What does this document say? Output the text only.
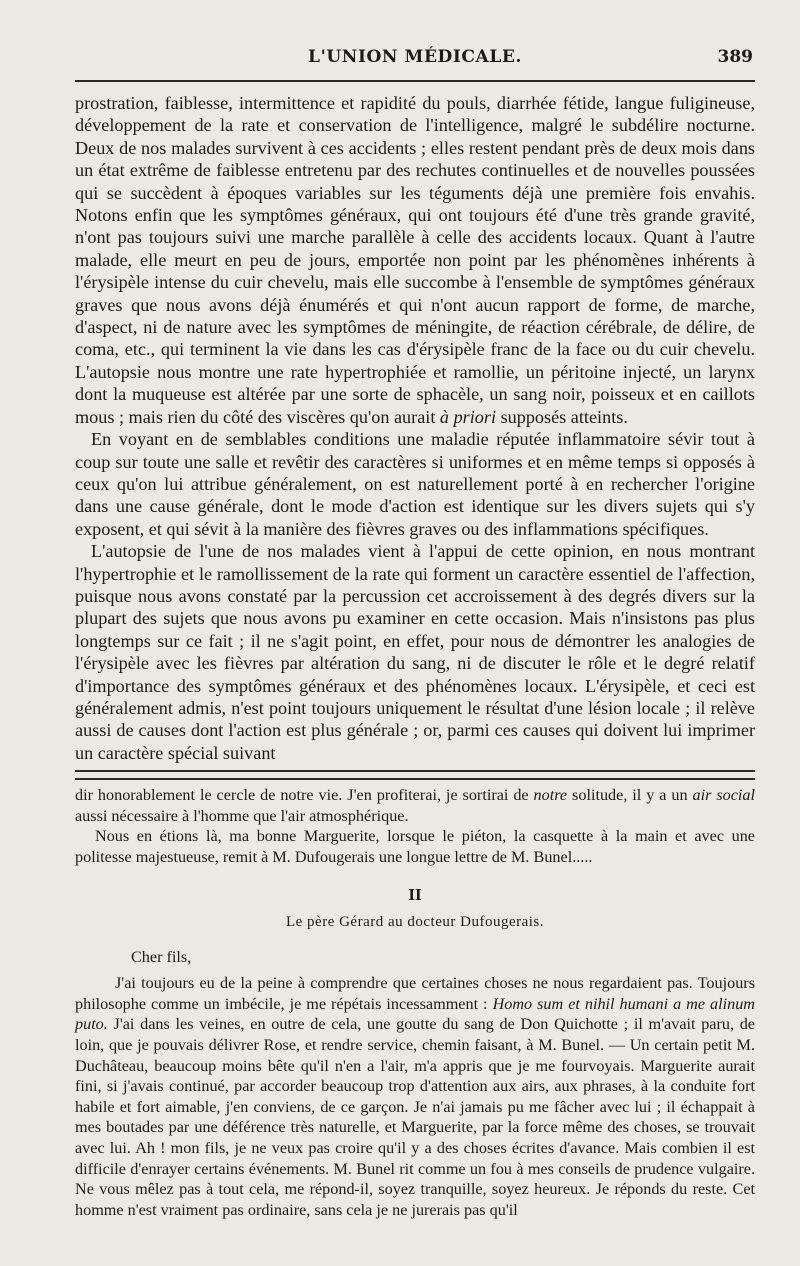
L'UNION MÉDICALE.	389

prostration, faiblesse, intermittence et rapidité du pouls, diarrhée fétide, langue fuligineuse, développement de la rate et conservation de l'intelligence, malgré le subdélire nocturne. Deux de nos malades survivent à ces accidents ; elles restent pendant près de deux mois dans un état extrême de faiblesse entretenu par des rechutes continuelles et de nouvelles poussées qui se succèdent à époques variables sur les téguments déjà une première fois envahis. Notons enfin que les symptômes généraux, qui ont toujours été d'une très grande gravité, n'ont pas toujours suivi une marche parallèle à celle des accidents locaux. Quant à l'autre malade, elle meurt en peu de jours, emportée non point par les phénomènes inhérents à l'érysipèle intense du cuir chevelu, mais elle succombe à l'ensemble de symptômes généraux graves que nous avons déjà énumérés et qui n'ont aucun rapport de forme, de marche, d'aspect, ni de nature avec les symptômes de méningite, de réaction cérébrale, de délire, de coma, etc., qui terminent la vie dans les cas d'érysipèle franc de la face ou du cuir chevelu. L'autopsie nous montre une rate hypertrophiée et ramollie, un péritoine injecté, un larynx dont la muqueuse est altérée par une sorte de sphacèle, un sang noir, poisseux et en caillots mous ; mais rien du côté des viscères qu'on aurait à priori supposés atteints.

En voyant en de semblables conditions une maladie réputée inflammatoire sévir tout à coup sur toute une salle et revêtir des caractères si uniformes et en même temps si opposés à ceux qu'on lui attribue généralement, on est naturellement porté à en rechercher l'origine dans une cause générale, dont le mode d'action est identique sur les divers sujets qui s'y exposent, et qui sévit à la manière des fièvres graves ou des inflammations spécifiques.

L'autopsie de l'une de nos malades vient à l'appui de cette opinion, en nous montrant l'hypertrophie et le ramollissement de la rate qui forment un caractère essentiel de l'affection, puisque nous avons constaté par la percussion cet accroissement à des degrés divers sur la plupart des sujets que nous avons pu examiner en cette occasion. Mais n'insistons pas plus longtemps sur ce fait ; il ne s'agit point, en effet, pour nous de démontrer les analogies de l'érysipèle avec les fièvres par altération du sang, ni de discuter le rôle et le degré relatif d'importance des symptômes généraux et des phénomènes locaux. L'érysipèle, et ceci est généralement admis, n'est point toujours uniquement le résultat d'une lésion locale ; il relève aussi de causes dont l'action est plus générale ; or, parmi ces causes qui doivent lui imprimer un caractère spécial suivant

dir honorablement le cercle de notre vie. J'en profiterai, je sortirai de notre solitude, il y a un air social aussi nécessaire à l'homme que l'air atmosphérique.

Nous en étions là, ma bonne Marguerite, lorsque le piéton, la casquette à la main et avec une politesse majestueuse, remit à M. Dufougerais une longue lettre de M. Bunel.....

II

Le père Gérard au docteur Dufougerais.

Cher fils,

J'ai toujours eu de la peine à comprendre que certaines choses ne nous regardaient pas. Toujours philosophe comme un imbécile, je me répétais incessamment : Homo sum et nihil humani a me alinum puto. J'ai dans les veines, en outre de cela, une goutte du sang de Don Quichotte ; il m'avait paru, de loin, que je pouvais délivrer Rose, et rendre service, chemin faisant, à M. Bunel. — Un certain petit M. Duchâteau, beaucoup moins bête qu'il n'en a l'air, m'a appris que je me fourvoyais. Marguerite aurait fini, si j'avais continué, par accorder beaucoup trop d'attention aux airs, aux phrases, à la conduite fort habile et fort aimable, j'en conviens, de ce garçon. Je n'ai jamais pu me fâcher avec lui ; il échappait à mes boutades par une déférence très naturelle, et Marguerite, par la force même des choses, se trouvait avec lui. Ah ! mon fils, je ne veux pas croire qu'il y a des choses écrites d'avance. Mais combien il est difficile d'enrayer certains événements. M. Bunel rit comme un fou à mes conseils de prudence vulgaire. Ne vous mêlez pas à tout cela, me répond-il, soyez tranquille, soyez heureux. Je réponds du reste. Cet homme n'est vraiment pas ordinaire, sans cela je ne jurerais pas qu'il
